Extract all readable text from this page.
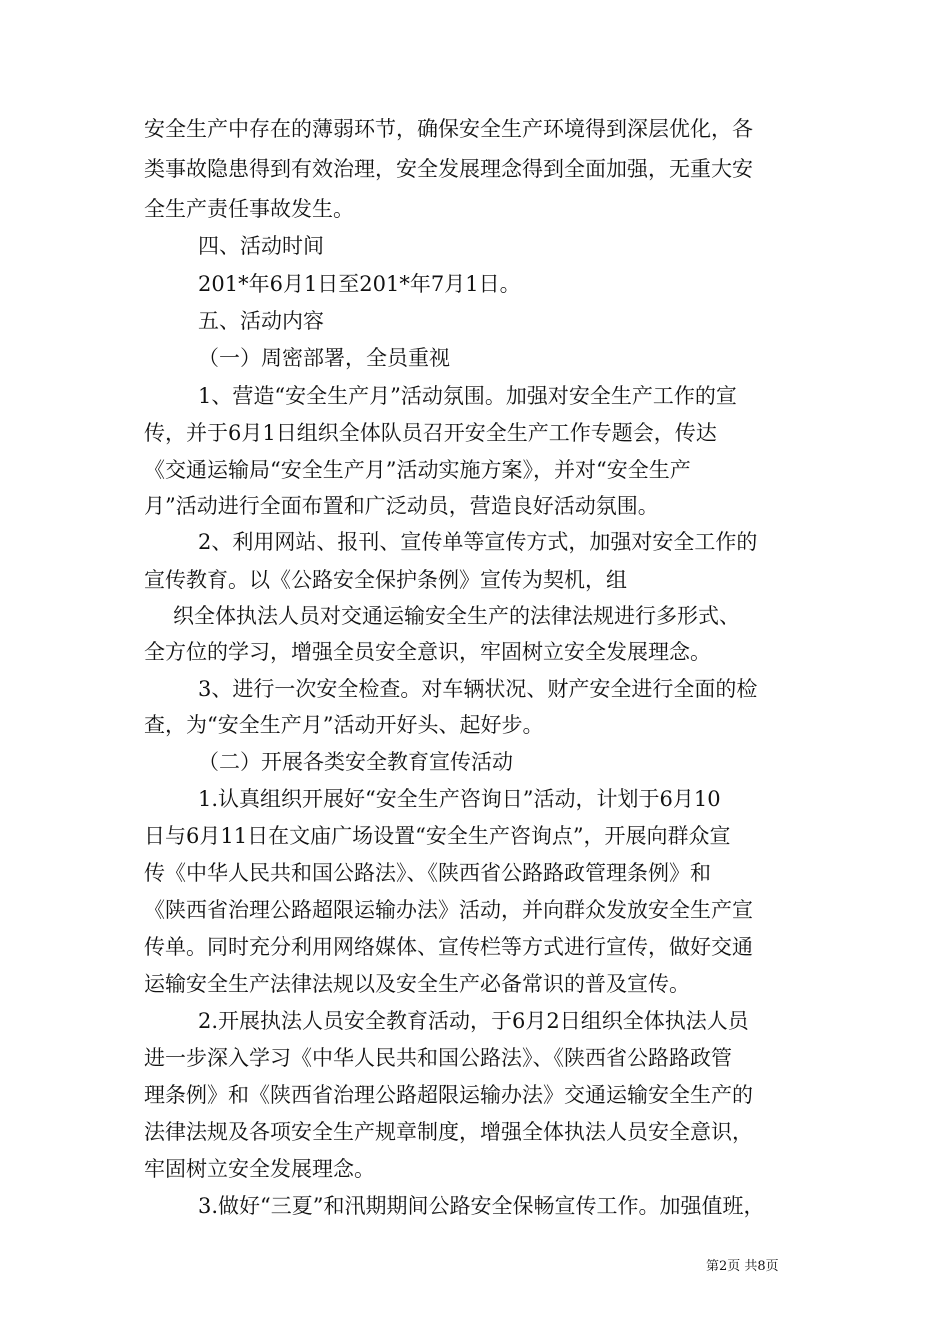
安全生产中存在的薄弱环节，确保安全生产环境得到深层优化，各
类事故隐患得到有效治理，安全发展理念得到全面加强，无重大安
全生产责任事故发生。
四、活动时间
201*年6月1日至201*年7月1日。
五、活动内容
（一）周密部署，全员重视
1、营造“安全生产月”活动氛围。加强对安全生产工作的宣
传，并于6月1日组织全体队员召开安全生产工作专题会，传达
《交通运输局“安全生产月”活动实施方案》，并对“安全生产
月”活动进行全面布置和广泛动员，营造良好活动氛围。
2、利用网站、报刊、宣传单等宣传方式，加强对安全工作的
宣传教育。以《公路安全保护条例》宣传为契机，组
织全体执法人员对交通运输安全生产的法律法规进行多形式、
全方位的学习，增强全员安全意识，牢固树立安全发展理念。
3、进行一次安全检查。对车辆状况、财产安全进行全面的检
查，为“安全生产月”活动开好头、起好步。
（二）开展各类安全教育宣传活动
1.认真组织开展好“安全生产咨询日”活动，计划于6月10
日与6月11日在文庙广场设置“安全生产咨询点”，开展向群众宣
传《中华人民共和国公路法》、《陕西省公路路政管理条例》和
《陕西省治理公路超限运输办法》活动，并向群众发放安全生产宣
传单。同时充分利用网络媒体、宣传栏等方式进行宣传，做好交通
运输安全生产法律法规以及安全生产必备常识的普及宣传。
2.开展执法人员安全教育活动，于6月2日组织全体执法人员
进一步深入学习《中华人民共和国公路法》、《陕西省公路路政管
理条例》和《陕西省治理公路超限运输办法》交通运输安全生产的
法律法规及各项安全生产规章制度，增强全体执法人员安全意识，
牢固树立安全发展理念。
3.做好“三夏”和汛期期间公路安全保畅宣传工作。加强值班，
第2页 共8页
